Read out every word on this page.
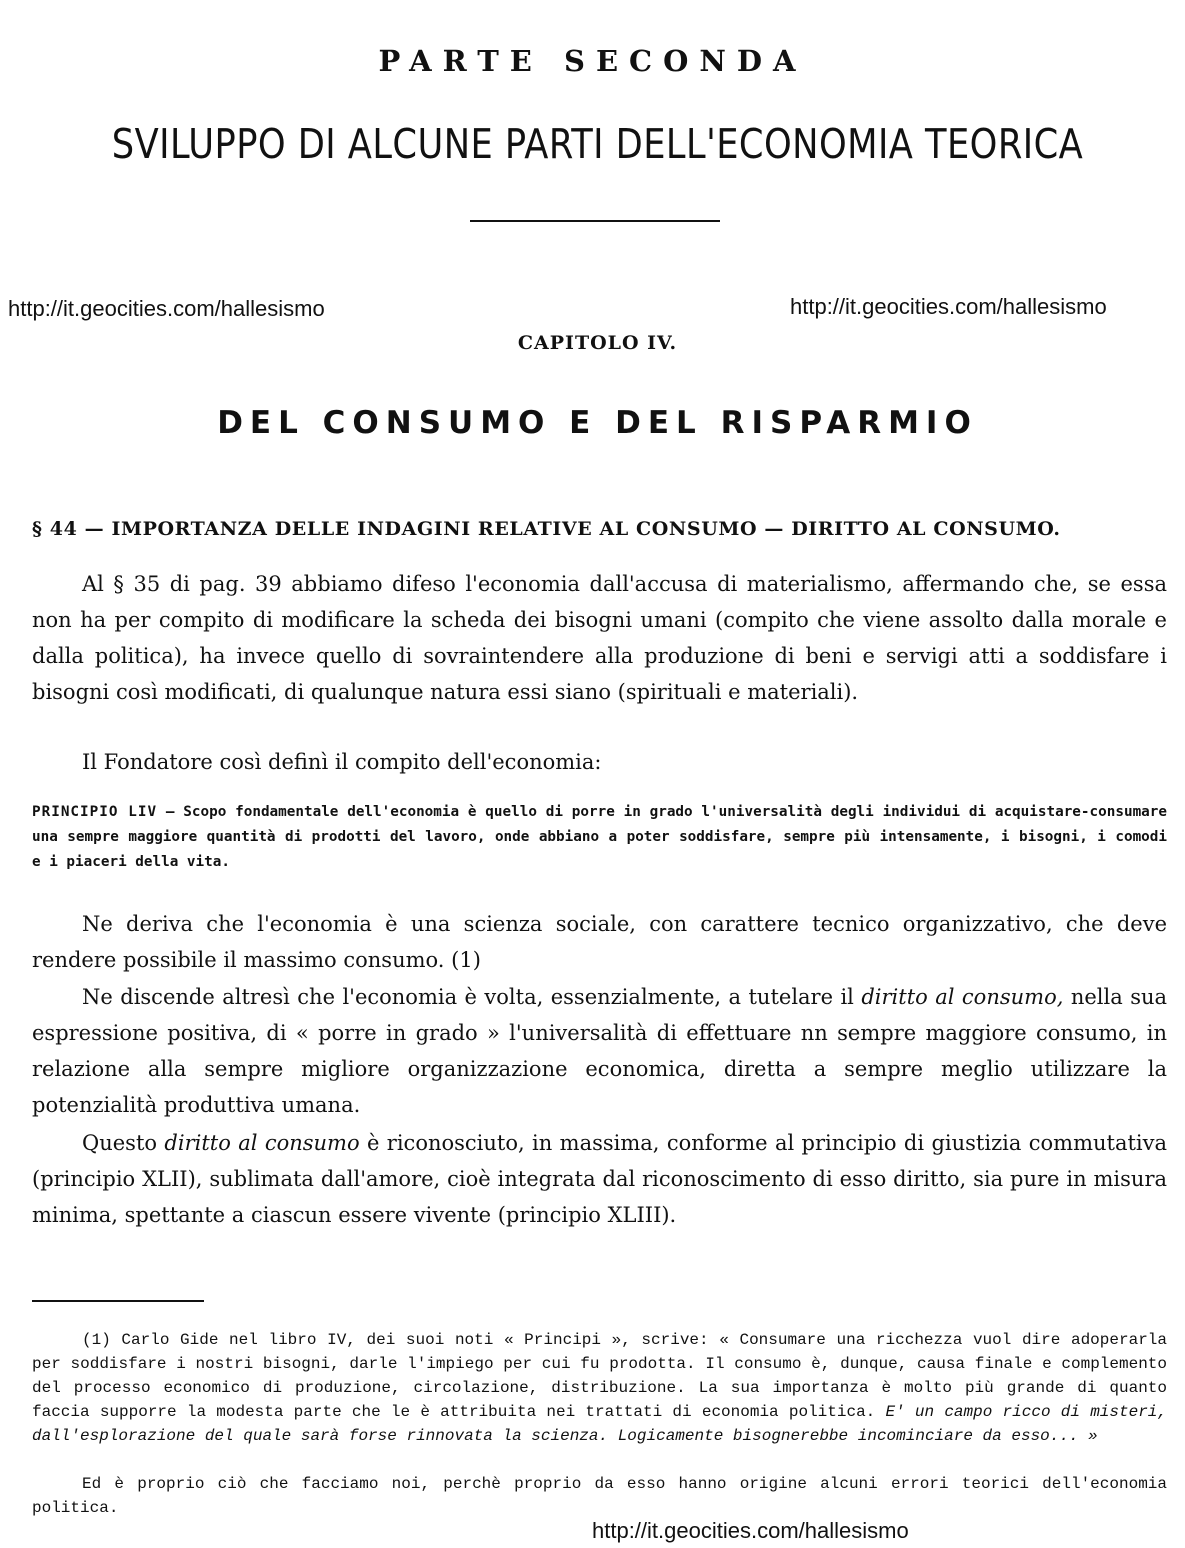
PARTE SECONDA
SVILUPPO DI ALCUNE PARTI DELL'ECONOMIA TEORICA
http://it.geocities.com/hallesismo	http://it.geocities.com/hallesismo
CAPITOLO IV.
DEL CONSUMO E DEL RISPARMIO
§ 44 — IMPORTANZA DELLE INDAGINI RELATIVE AL CONSUMO — DIRITTO AL CONSUMO.

Al § 35 di pag. 39 abbiamo difeso l'economia dall'accusa di materialismo, affermando che, se essa non ha per compito di modificare la scheda dei bisogni umani (compito che viene assolto dalla morale e dalla politica), ha invece quello di sovraintendere alla produzione di beni e servigi atti a soddisfare i bisogni così modificati, di qualunque natura essi siano (spirituali e materiali).

Il Fondatore così definì il compito dell'economia:

PRINCIPIO LIV — Scopo fondamentale dell'economia è quello di porre in grado l'universalità degli individui di acquistare-consumare una sempre maggiore quantità di prodotti del lavoro, onde abbiano a poter soddisfare, sempre più intensamente, i bisogni, i comodi e i piaceri della vita.

Ne deriva che l'economia è una scienza sociale, con carattere tecnico organizzativo, che deve rendere possibile il massimo consumo. (1)

Ne discende altresì che l'economia è volta, essenzialmente, a tutelare il diritto al consumo, nella sua espressione positiva, di « porre in grado » l'universalità di effettuare nn sempre maggiore consumo, in relazione alla sempre migliore organizzazione economica, diretta a sempre meglio utilizzare la potenzialità produttiva umana.

Questo diritto al consumo è riconosciuto, in massima, conforme al principio di giustizia commutativa (principio XLII), sublimata dall'amore, cioè integrata dal riconoscimento di esso diritto, sia pure in misura minima, spettante a ciascun essere vivente (principio XLIII).

(1) Carlo Gide nel libro IV, dei suoi noti « Principi », scrive: « Consumare una ricchezza vuol dire adoperarla per soddisfare i nostri bisogni, darle l'impiego per cui fu prodotta. Il consumo è, dunque, causa finale e complemento del processo economico di produzione, circolazione, distribuzione. La sua importanza è molto più grande di quanto faccia supporre la modesta parte che le è attribuita nei trattati di economia politica. E' un campo ricco di misteri, dall'esplorazione del quale sarà forse rinnovata la scienza. Logicamente bisognerebbe incominciare da esso... »

Ed è proprio ciò che facciamo noi, perchè proprio da esso hanno origine alcuni errori teorici dell'economia politica.

http://it.geocities.com/hallesismo
